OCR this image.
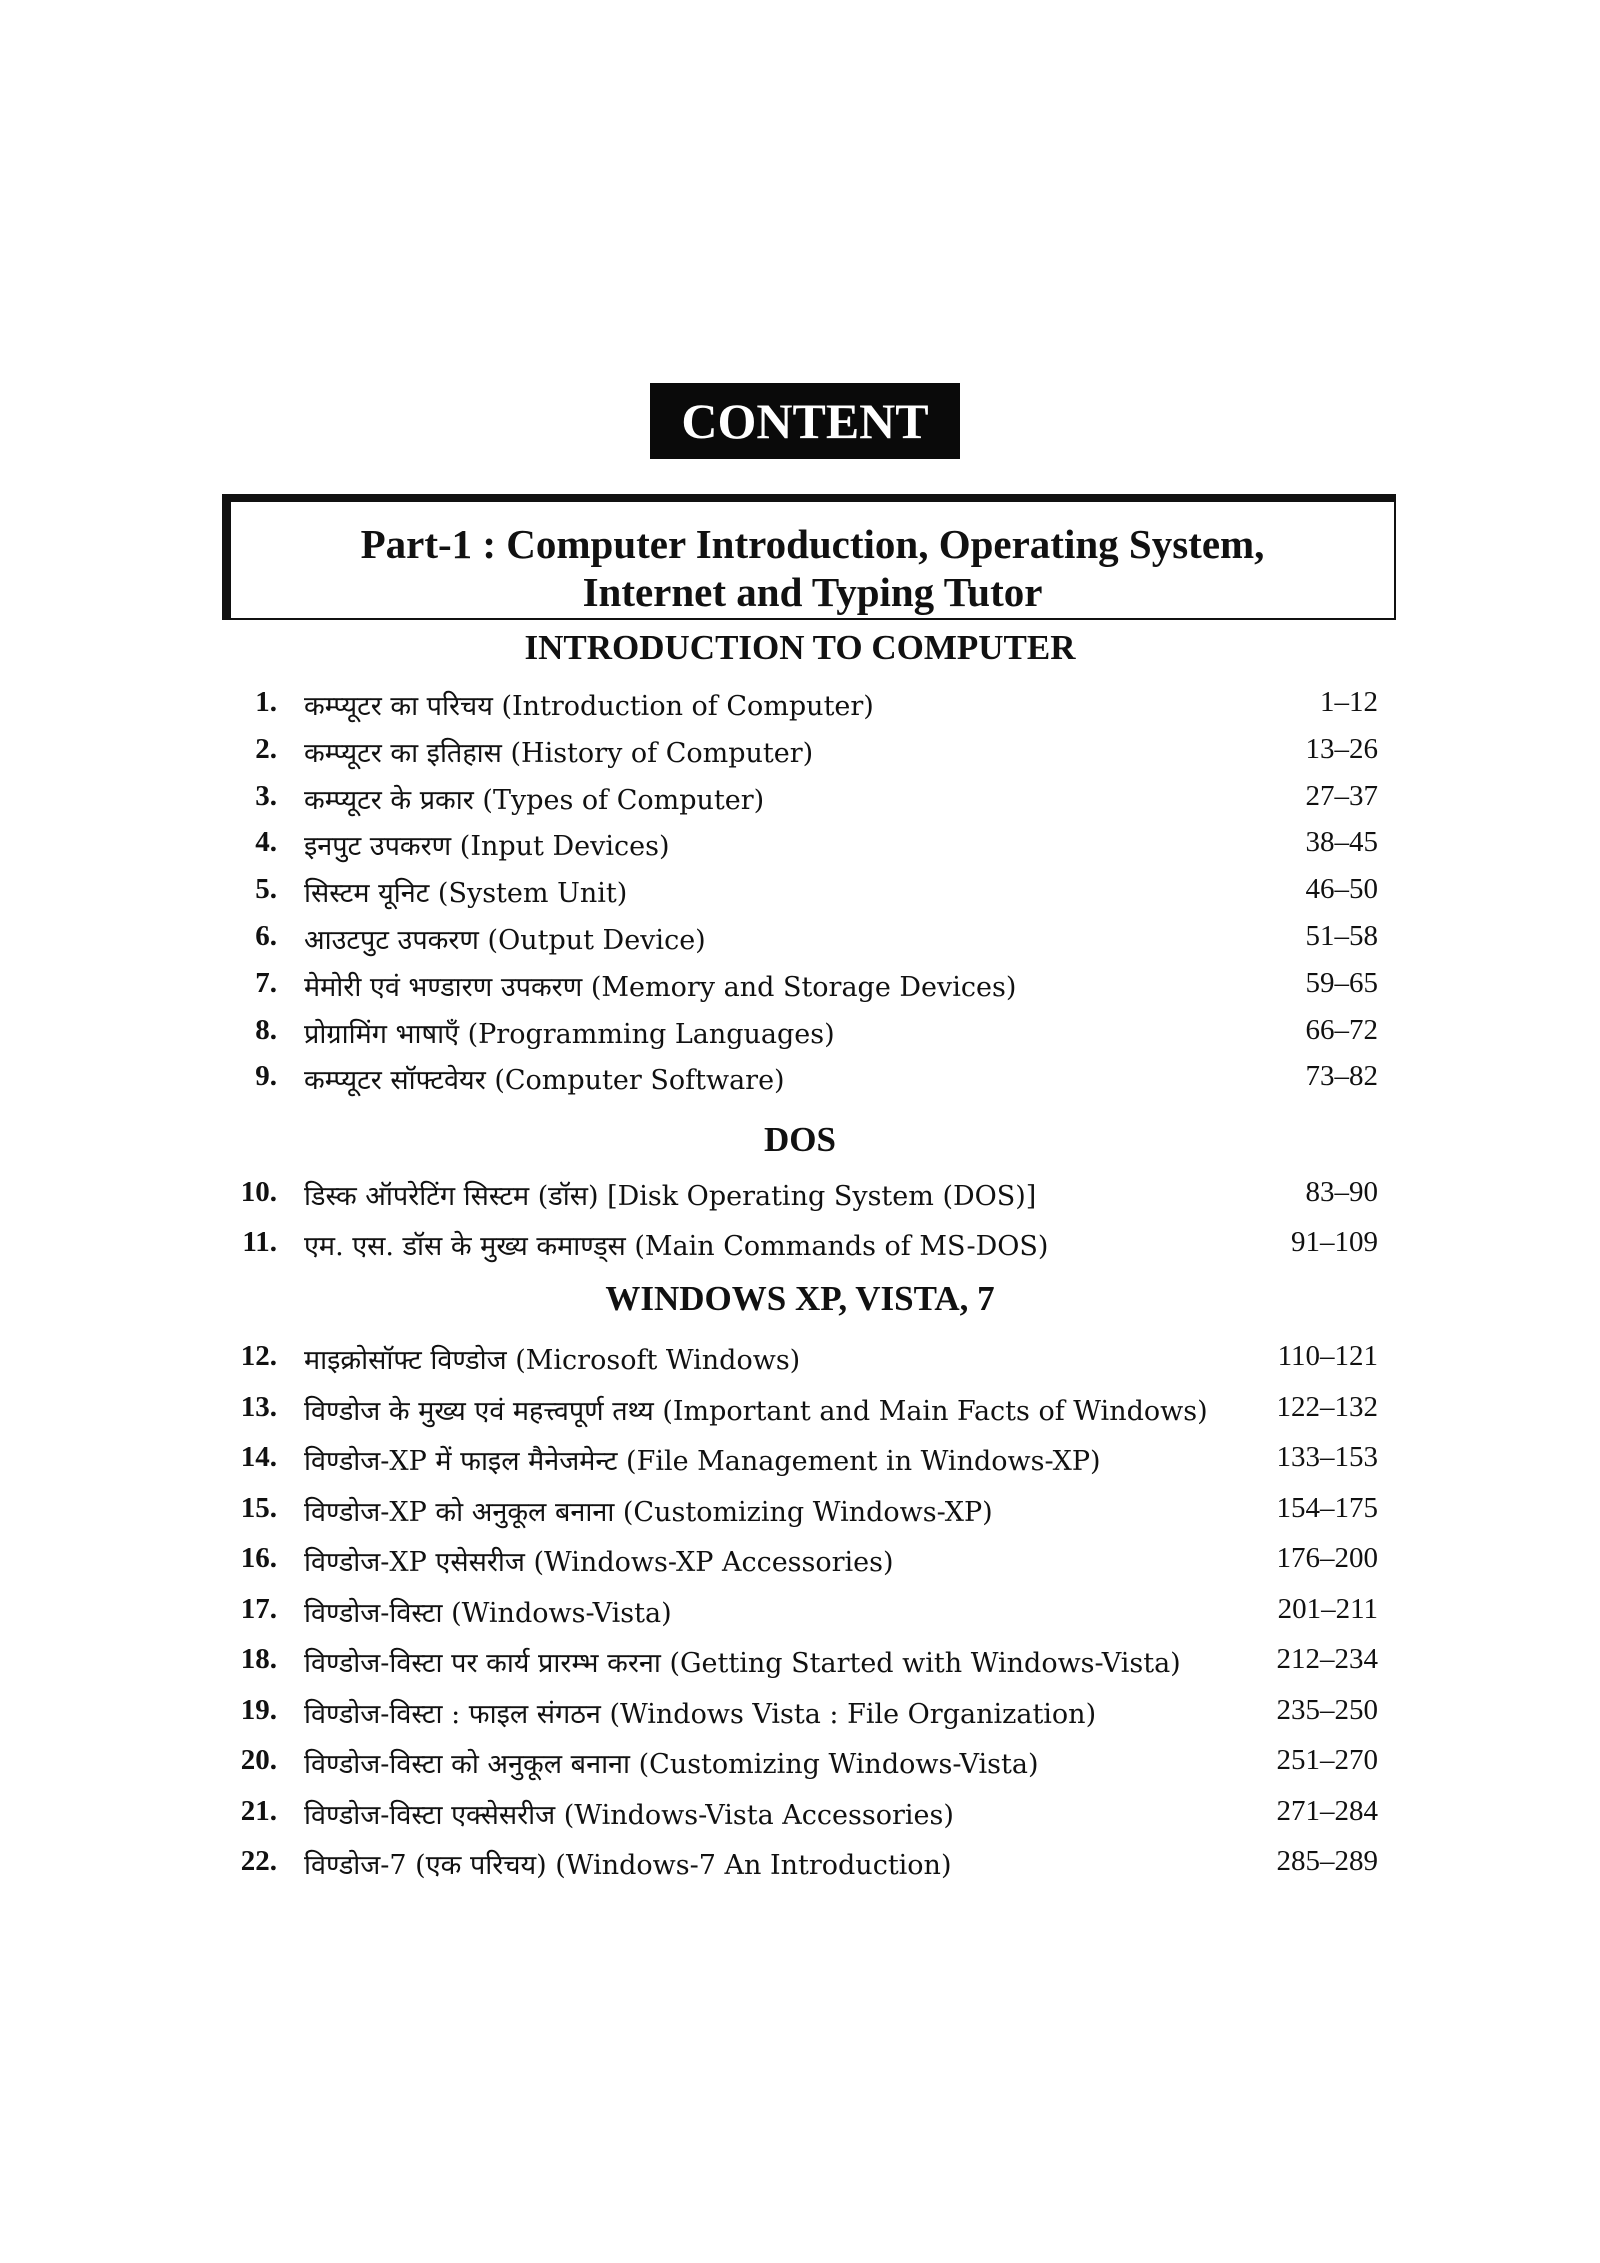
CONTENT
Part-1 : Computer Introduction, Operating System,
Internet and Typing Tutor
INTRODUCTION TO COMPUTER
1. कम्प्यूटर का परिचय (Introduction of Computer)	1–12
2. कम्प्यूटर का इतिहास (History of Computer)	13–26
3. कम्प्यूटर के प्रकार (Types of Computer)	27–37
4. इनपुट उपकरण (Input Devices)	38–45
5. सिस्टम यूनिट (System Unit)	46–50
6. आउटपुट उपकरण (Output Device)	51–58
7. मेमोरी एवं भण्डारण उपकरण (Memory and Storage Devices)	59–65
8. प्रोग्रामिंग भाषाएँ (Programming Languages)	66–72
9. कम्प्यूटर सॉफ्टवेयर (Computer Software)	73–82
DOS
10. डिस्क ऑपरेटिंग सिस्टम (डॉस) [Disk Operating System (DOS)]	83–90
11. एम. एस. डॉस के मुख्य कमाण्ड्स (Main Commands of MS-DOS)	91–109
WINDOWS XP, VISTA, 7
12. माइक्रोसॉफ्ट विण्डोज (Microsoft Windows)	110–121
13. विण्डोज के मुख्य एवं महत्त्वपूर्ण तथ्य (Important and Main Facts of Windows) 122–132
14. विण्डोज-XP में फाइल मैनेजमेन्ट (File Management in Windows-XP)	133–153
15. विण्डोज-XP को अनुकूल बनाना (Customizing Windows-XP)	154–175
16. विण्डोज-XP एसेसरीज (Windows-XP Accessories)	176–200
17. विण्डोज-विस्टा (Windows-Vista)	201–211
18. विण्डोज-विस्टा पर कार्य प्रारम्भ करना (Getting Started with Windows-Vista)	212–234
19. विण्डोज-विस्टा : फाइल संगठन (Windows Vista : File Organization)	235–250
20. विण्डोज-विस्टा को अनुकूल बनाना (Customizing Windows-Vista)	251–270
21. विण्डोज-विस्टा एक्सेसरीज (Windows-Vista Accessories)	271–284
22. विण्डोज-7 (एक परिचय) (Windows-7 An Introduction)	285–289
